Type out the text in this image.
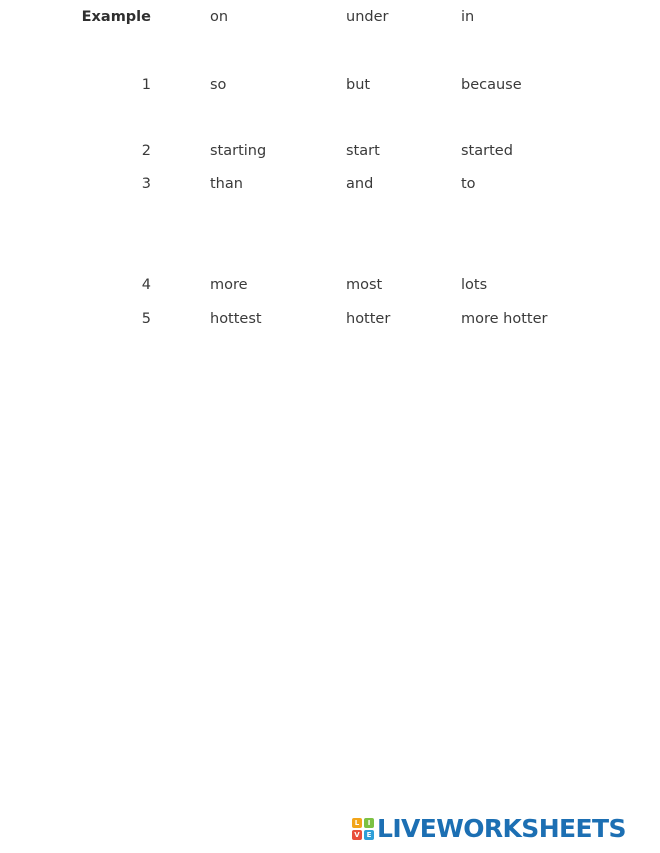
Example	on	under	in
1	so	but	because
2	starting	start	started
3	than	and	to
4	more	most	lots
5	hottest	hotter	more hotter
L	I
V E LIVEWORKSHEETS
